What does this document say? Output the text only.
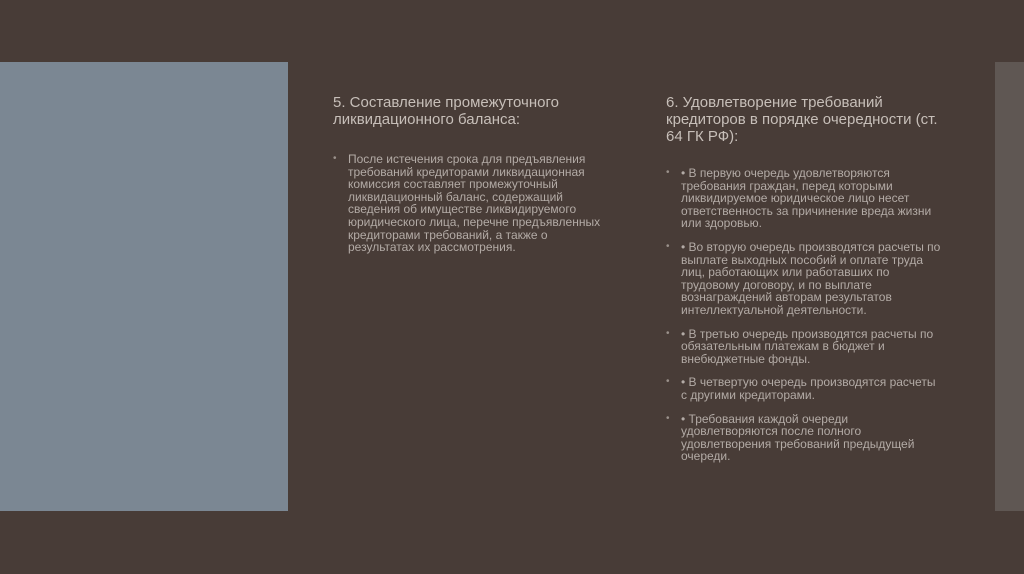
5. Составление промежуточного ликвидационного баланса:
• После истечения срока для предъявления требований кредиторами ликвидационная комиссия составляет промежуточный ликвидационный баланс, содержащий сведения об имуществе ликвидируемого юридического лица, перечне предъявленных кредиторами требований, а также о результатах их рассмотрения.
6. Удовлетворение требований кредиторов в порядке очередности (ст. 64 ГК РФ):
• • В первую очередь удовлетворяются требования граждан, перед которыми ликвидируемое юридическое лицо несет ответственность за причинение вреда жизни или здоровью.
• • Во вторую очередь производятся расчеты по выплате выходных пособий и оплате труда лиц, работающих или работавших по трудовому договору, и по выплате вознаграждений авторам результатов интеллектуальной деятельности.
• • В третью очередь производятся расчеты по обязательным платежам в бюджет и внебюджетные фонды.
• • В четвертую очередь производятся расчеты с другими кредиторами.
• • Требования каждой очереди удовлетворяются после полного удовлетворения требований предыдущей очереди.
